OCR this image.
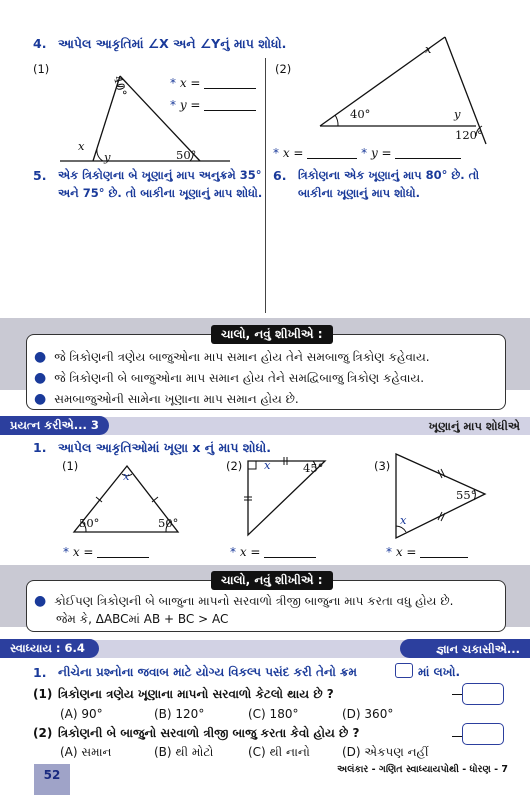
4. આપેલ આકૃતિમાં ∠X અને ∠Yનું માપ શોધો.
(1)
40°
50°
x
y
* x =
* y =
(2)
40°
120°
x
y
* x =	* y =
5. એક ત્રિકોણના બે ખૂણાનું માપ અનુક્રમે 35°
અને 75° છે. તો બાકીના ખૂણાનું માપ શોધો.
6. ત્રિકોણના એક ખૂણાનું માપ 80° છે. તો
બાકીના ખૂણાનું માપ શોધો.
ચાલો, નવું શીખીએ :
● જે ત્રિકોણની ત્રણેય બાજુઓના માપ સમાન હોય તેને સમબાજુ ત્રિકોણ કહેવાય.
● જે ત્રિકોણની બે બાજુઓના માપ સમાન હોય તેને સમદ્વિબાજુ ત્રિકોણ કહેવાય.
● સમબાજુઓની સામેના ખૂણાના માપ સમાન હોય છે.
પ્રયત્ન કરીએ... 3	ખૂણાનું માપ શોધીએ
1. આપેલ આકૃતિઓમાં ખૂણા x નું માપ શોધો.
(1)
50°	50°
x
* x =
(2)	45°
x
* x =
(3)
55°
x
* x =
ચાલો, નવું શીખીએ :
● કોઈપણ ત્રિકોણની બે બાજુના માપનો સરવાળો ત્રીજી બાજુના માપ કરતા વધુ હોય છે.
જેમ કે, ΔABCમાં AB + BC > AC
સ્વાધ્યાય : 6.4	જ્ઞાન ચકાસીએ...
1. નીચેના પ્રશ્નોના જવાબ માટે યોગ્ય વિકલ્પ પસંદ કરી તેનો ક્રમ	માં લખો.
(1) ત્રિકોણના ત્રણેય ખૂણાના માપનો સરવાળો કેટલો થાય છે ?
(A) 90°	(B) 120°	(C) 180°	(D) 360°
(2) ત્રિકોણની બે બાજુનો સરવાળો ત્રીજી બાજુ કરતા કેવો હોય છે ?
(A) સમાન	(B) થી મોટો	(C) થી નાનો	(D) એકપણ નહીં
52	અલંકાર - ગણિત સ્વાધ્યાયપોથી - ધોરણ - 7
